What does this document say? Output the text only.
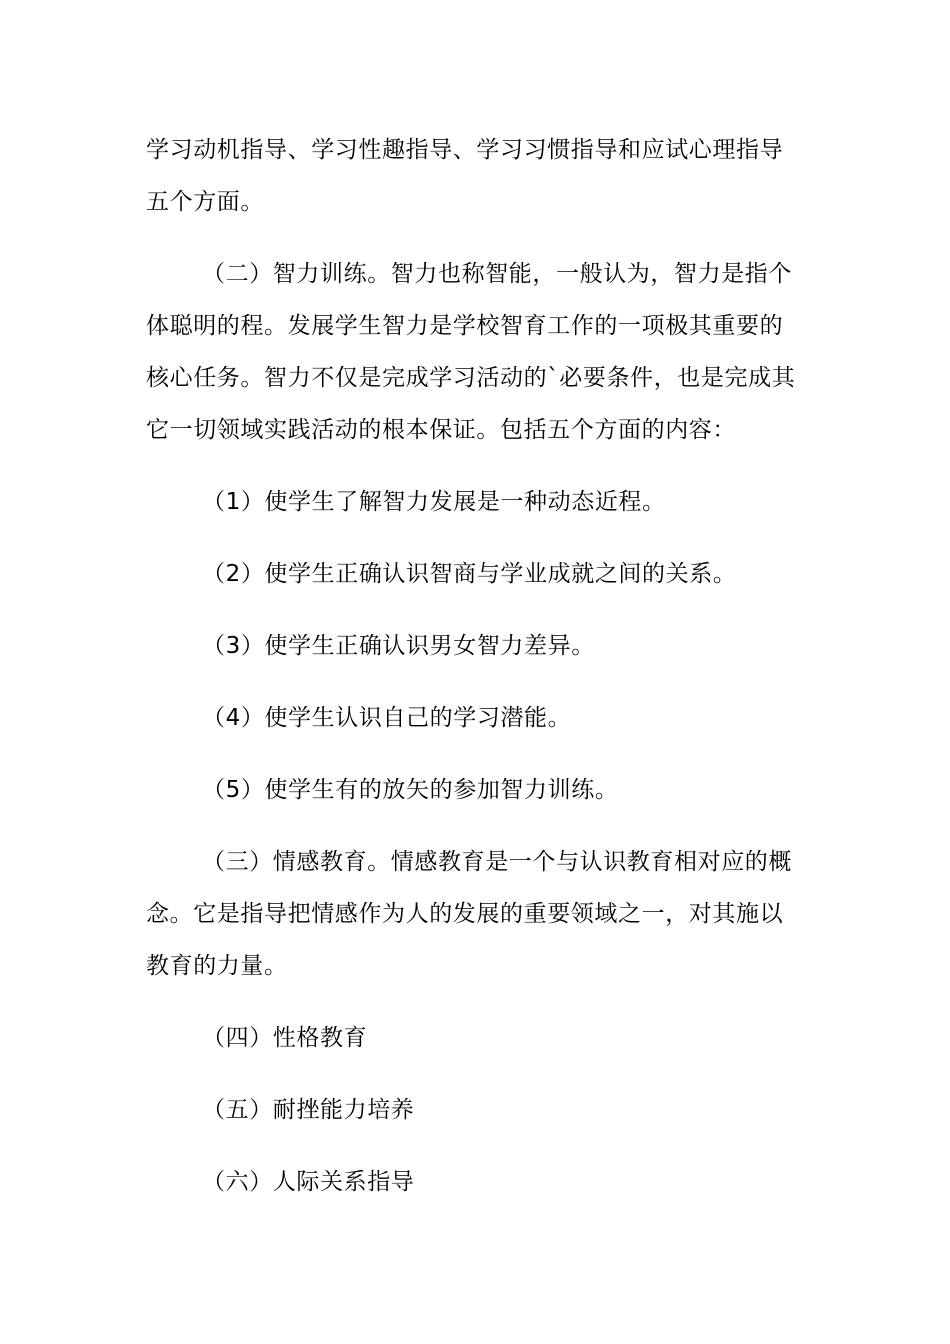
学习动机指导、学习性趣指导、学习习惯指导和应试心理指导
五个方面。

（二）智力训练。智力也称智能，一般认为，智力是指个
体聪明的程。发展学生智力是学校智育工作的一项极其重要的
核心任务。智力不仅是完成学习活动的`必要条件，也是完成其
它一切领域实践活动的根本保证。包括五个方面的内容：

（1）使学生了解智力发展是一种动态近程。

（2）使学生正确认识智商与学业成就之间的关系。

（3）使学生正确认识男女智力差异。

（4）使学生认识自己的学习潜能。

（5）使学生有的放矢的参加智力训练。

（三）情感教育。情感教育是一个与认识教育相对应的概
念。它是指导把情感作为人的发展的重要领域之一，对其施以
教育的力量。

（四）性格教育

（五）耐挫能力培养

（六）人际关系指导
